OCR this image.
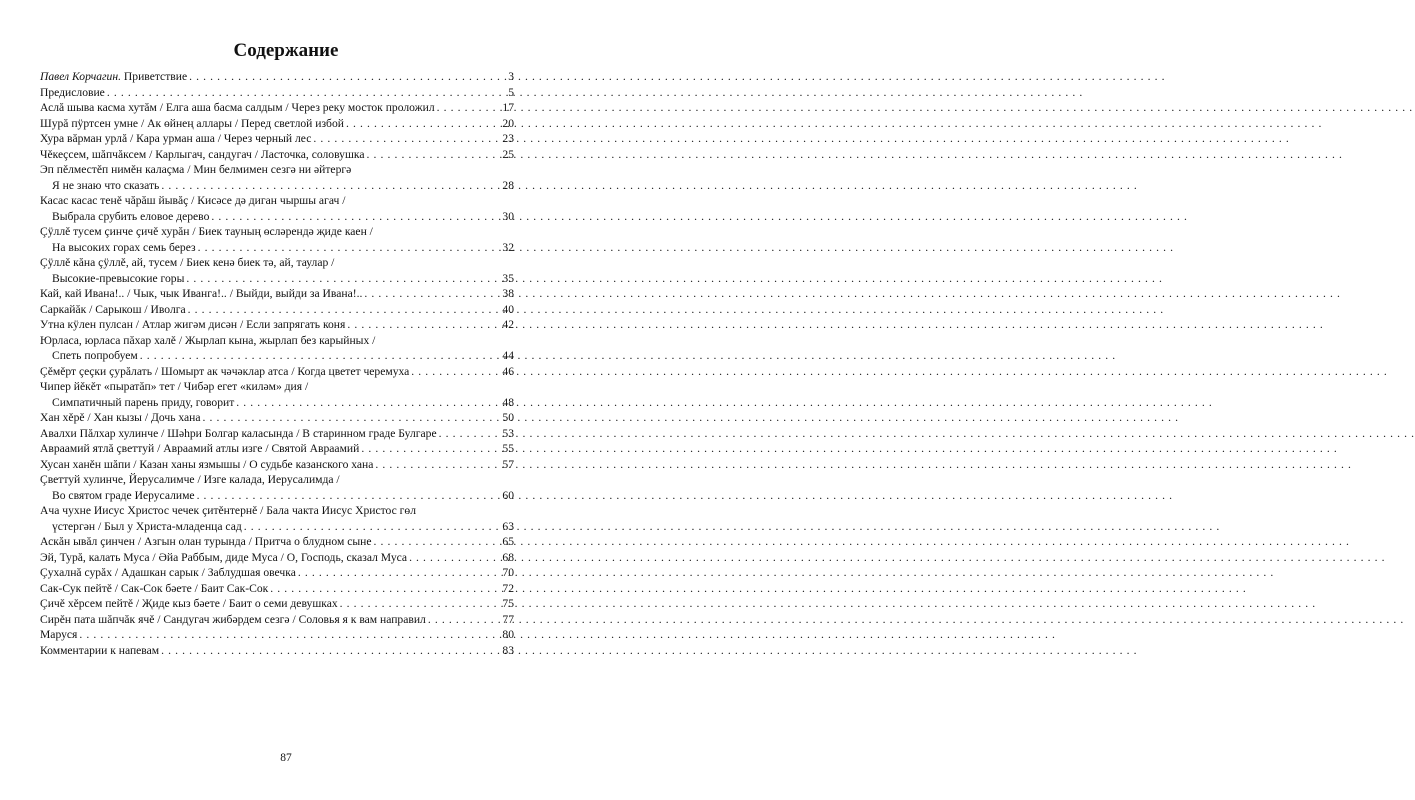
Содержание
Павел Корчагин. Приветствие . . .	3
Предисловие . . .	5
Аслă шыва касма хутăм / Елга аша басма салдым / Через реку мосток проложил . . .	17
Шурă пÿртсен умне / Ак өйнең аллары / Перед светлой избой . . .	20
Хура вăрман урлă / Кара урман аша / Через черный лес . . .	23
Чěкеçсем, шăпчăксем / Карлыгач, сандугач / Ласточка, соловушка . . .	25
Эп пěлместěп нимěн калаçма / Мин белмимен сезгә ни әйтергә
Я не знаю что сказать . . .	28
Касас касас тенě чăрăш йывăç / Кисәсе дә диган чыршы агач /
Выбрала срубить еловое дерево . . .	30
Çÿллě тусем çинче çичě хурăн / Биек тауның өсләрендә җиде каен /
На высоких горах семь берез . . .	32
Çÿллě кăна çÿллě, ай, тусем / Биек кенә биек тә, ай, таулар /
Высокие-превысокие горы . . .	35
Кай, кай Ивана!.. / Чык, чык Иванга!.. / Выйди, выйди за Ивана!.. . . .	38
Саркайăк / Сарыкош / Иволга . . .	40
Утна кÿлен пулсан / Атлар жигәм дисән / Если запрягать коня . . .	42
Юрласа, юрласа пăхар халě / Жырлап кына, жырлап без карыйных /
Спеть попробуем . . .	44
Çěмěрт çеçки çурăлать / Шомырт ак чәчәклар атса / Когда цветет черемуха . . .	46
Чипер йěкěт «пыратăп» тет / Чибәр егет «киләм» дия /
Симпатичный парень приду, говорит . . .	48
Хан хěрě / Хан кызы / Дочь хана . . .	50
Авалхи Пăлхар хулинче / Шәһри Болгар каласында / В старинном граде Булгаре . . .	53
Авраамий ятлă çветтуй / Авраамий атлы изге / Святой Авраамий . . .	55
Хусан ханěн шăпи / Казан ханы язмышы / О судьбе казанского хана . . .	57
Çветтуй хулинче, Йерусалимче / Изге калада, Иерусалимда /
Во святом граде Иерусалиме . . .	60
Ача чухне Иисус Христос чечек çитěнтернě / Бала чакта Иисус Христос гөл
үстергән / Был у Христа-младенца сад . . .	63
Аскăн ывăл çинчен / Азгын олан турында / Притча о блудном сыне . . .	65
Эй, Турă, калать Муса / Әйа Раббым, диде Муса / О, Господь, сказал Муса . . .	68
Çухалнă сурăх / Адашкан сарык / Заблудшая овечка . . .	70
Сак-Сук пейтě / Сак-Сок бәете / Баит Сак-Сок . . .	72
Çичě хěрсем пейтě / Җиде кыз бәете / Баит о семи девушках . . .	75
Сирěн пата шăпчăк ячě / Сандугач жибәрдем сезгә / Соловья я к вам направил . . .	77
Маруся . . .	80
Комментарии к напевам . . .	83
87
